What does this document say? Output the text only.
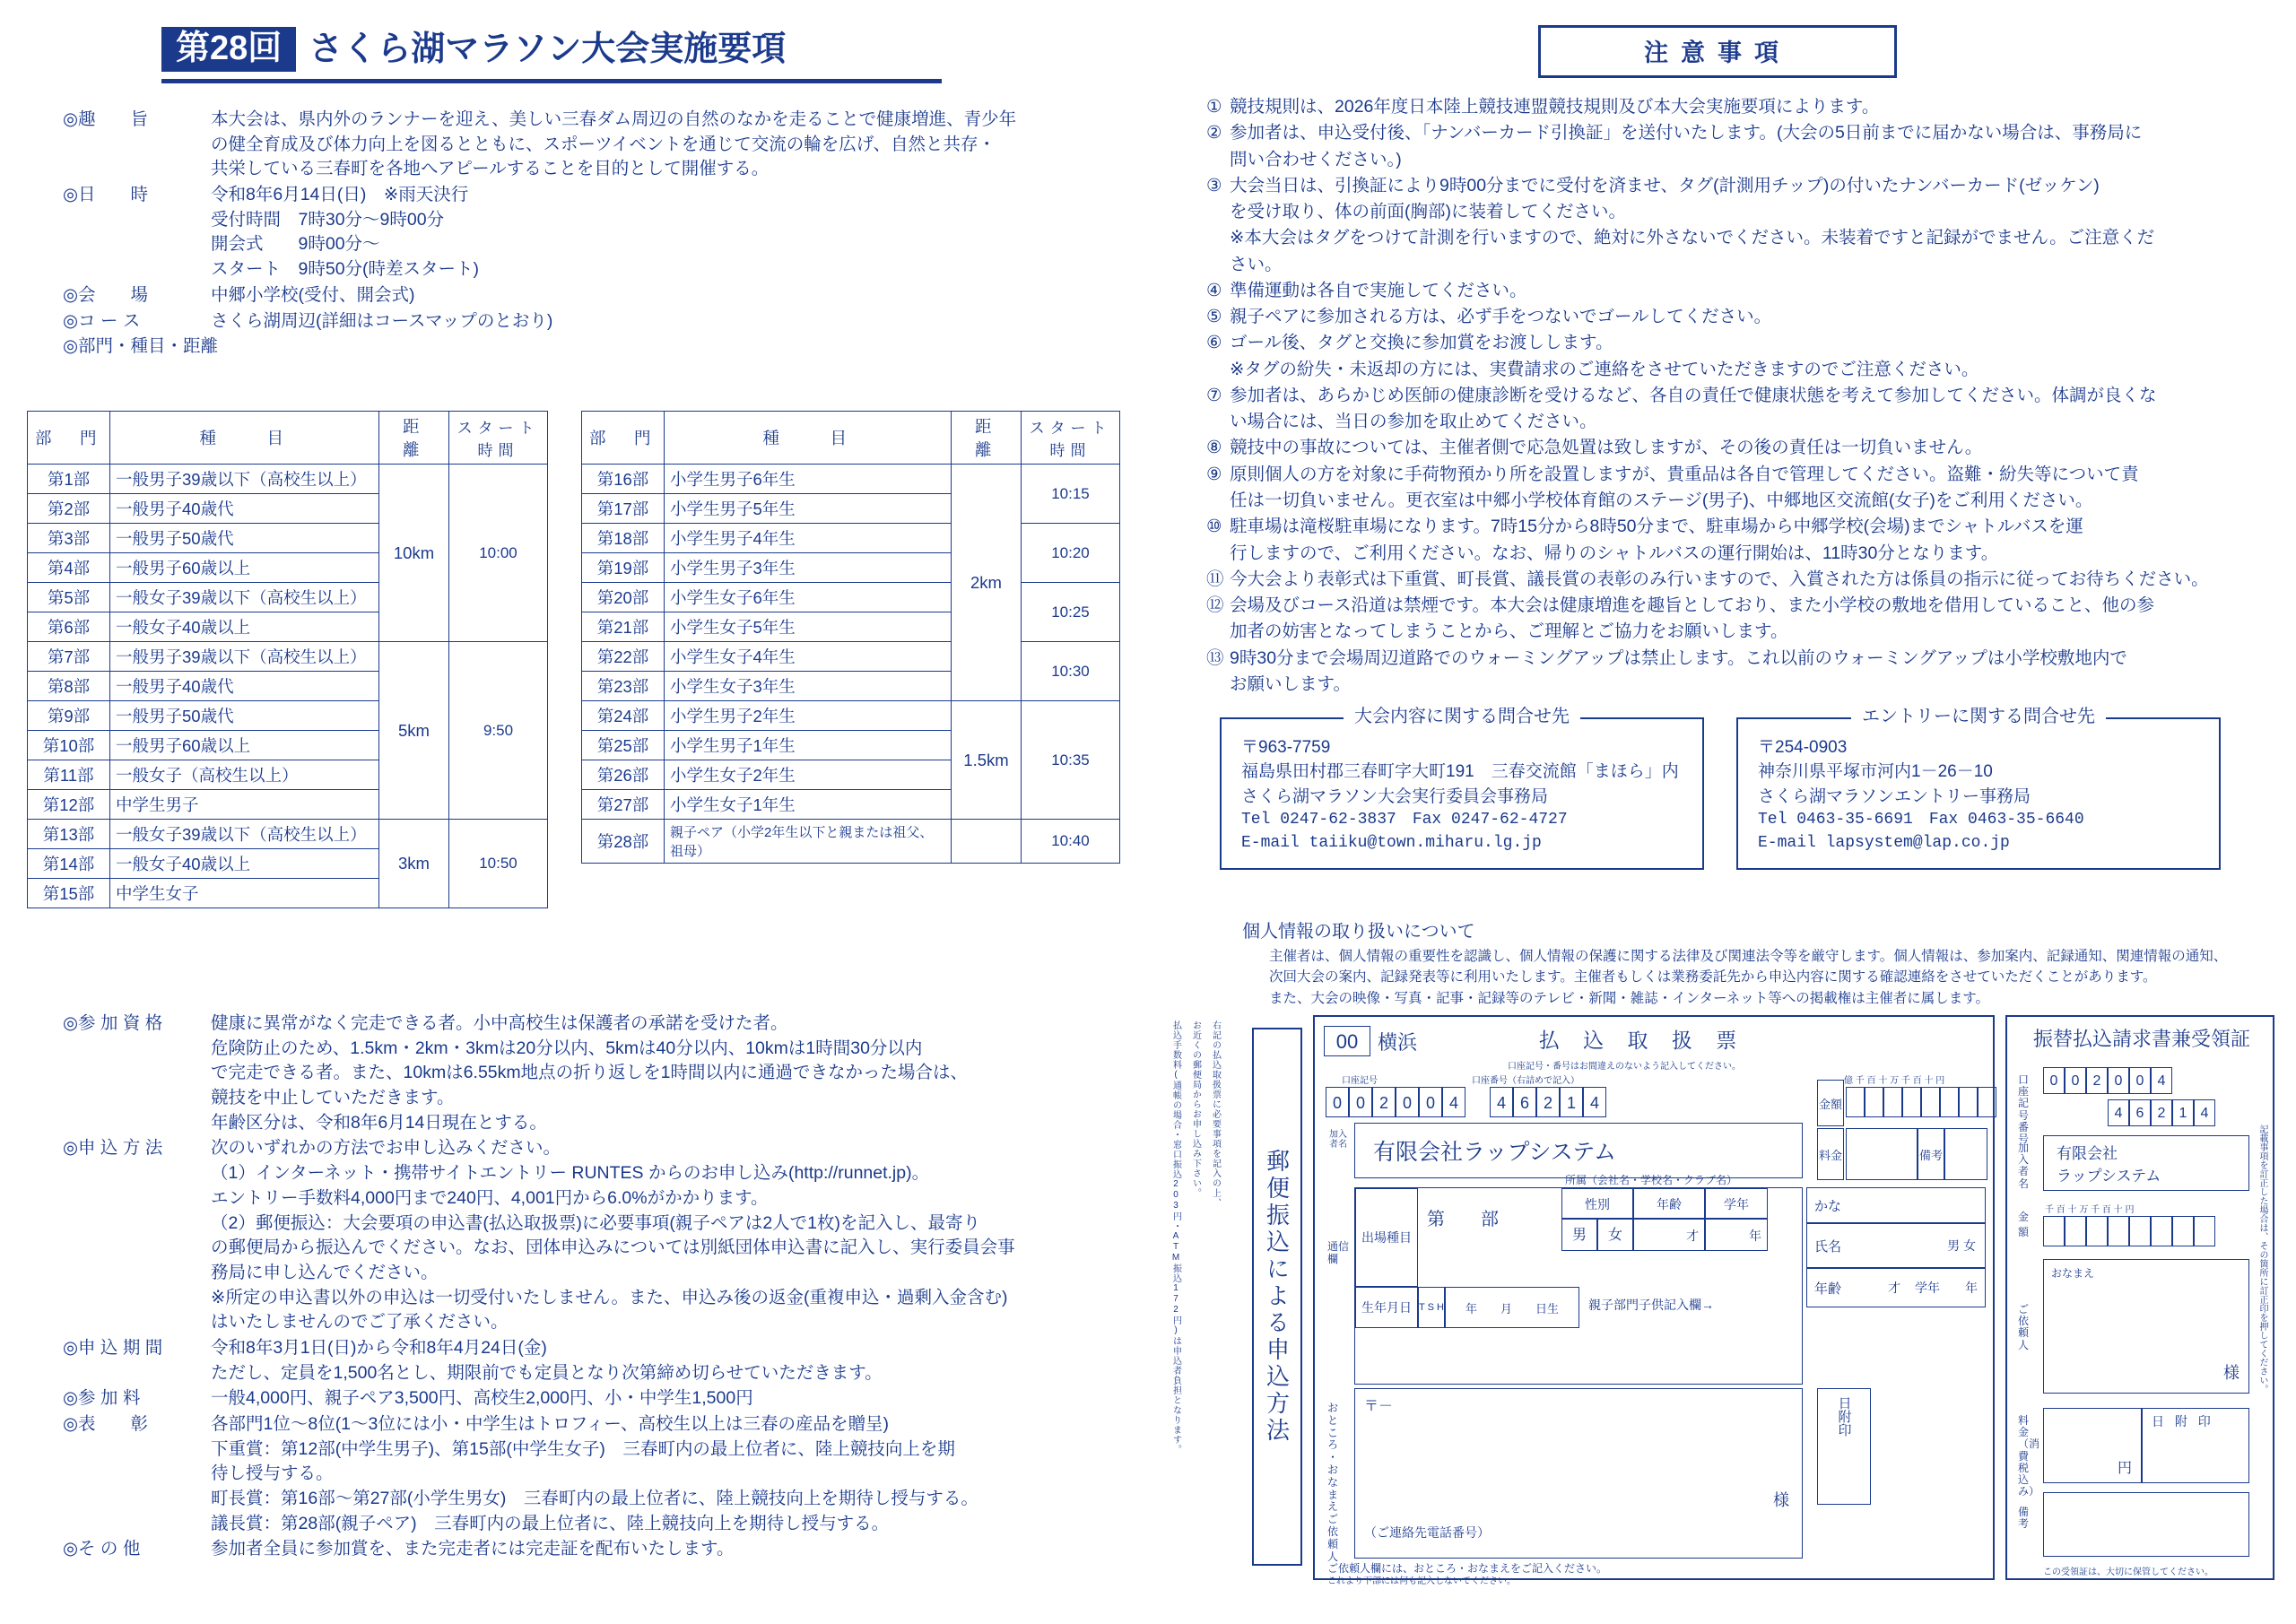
第28回 さくら湖マラソン大会実施要項	注意事項
◎趣　　旨	本大会は、県内外のランナーを迎え、美しい三春ダム周辺の自然のなかを走ることで健康増進、青少年
の健全育成及び体力向上を図るとともに、スポーツイベントを通じて交流の輪を広げ、自然と共存・
共栄している三春町を各地へアピールすることを目的として開催する。
◎日　　時	令和8年6月14日(日)　※雨天決行
受付時間　7時30分～9時00分
開会式　　9時00分～
スタート　9時50分(時差スタート)
◎会　　場	中郷小学校(受付、開会式)
◎コ ー ス	さくら湖周辺(詳細はコースマップのとおり)
◎部門・種目・距離
部　門	種　　目	距　離	スタート時間
第1部	一般男子39歳以下（高校生以上）	10km	10:00
第2部	一般男子40歳代		
第3部	一般男子50歳代		
第4部	一般男子60歳以上		
第5部	一般女子39歳以下（高校生以上）		
第6部	一般女子40歳以上		
第7部	一般男子39歳以下（高校生以上）	5km	9:50
第8部	一般男子40歳代		
第9部	一般男子50歳代		
第10部	一般男子60歳以上		
第11部	一般女子（高校生以上）		
第12部	中学生男子		
第13部	一般女子39歳以下（高校生以上）	3km	10:50
第14部	一般女子40歳以上		
第15部	中学生女子		
部　門	種　　目	距　離	スタート時間
第16部	小学生男子6年生	2km	10:15
第17部	小学生男子5年生		
第18部	小学生男子4年生		10:20
第19部	小学生男子3年生		
第20部	小学生女子6年生		10:25
第21部	小学生女子5年生		
第22部	小学生女子4年生		10:30
第23部	小学生女子3年生		
第24部	小学生男子2年生	1.5km	10:35
第25部	小学生男子1年生		
第26部	小学生女子2年生		
第27部	小学生女子1年生		
第28部	親子ペア（小学2年生以下と親または祖父、祖母）		10:40
◎参 加 資 格	健康に異常がなく完走できる者。小中高校生は保護者の承諾を受けた者。
危険防止のため、1.5km・2km・3kmは20分以内、5kmは40分以内、10kmは1時間30分以内
で完走できる者。また、10kmは6.55km地点の折り返しを1時間以内に通過できなかった場合は、
競技を中止していただきます。
年齢区分は、令和8年6月14日現在とする。
◎申 込 方 法	次のいずれかの方法でお申し込みください。
（1）インターネット・携帯サイトエントリー RUNTES からのお申し込み(http://runnet.jp)。
エントリー手数料4,000円まで240円、4,001円から6.0%がかかります。
（2）郵便振込：大会要項の申込書(払込取扱票)に必要事項(親子ペアは2人で1枚)を記入し、最寄り
の郵便局から振込んでください。なお、団体申込みについては別紙団体申込書に記入し、実行委員会事
務局に申し込んでください。
※所定の申込書以外の申込は一切受付いたしません。また、申込み後の返金(重複申込・過剰入金含む)
はいたしませんのでご了承ください。
◎申 込 期 間	令和8年3月1日(日)から令和8年4月24日(金)
ただし、定員を1,500名とし、期限前でも定員となり次第締め切らせていただきます。
◎参 加 料	一般4,000円、親子ペア3,500円、高校生2,000円、小・中学生1,500円
◎表　　彰	各部門1位～8位(1～3位には小・中学生はトロフィー、高校生以上は三春の産品を贈呈)
下重賞：第12部(中学生男子)、第15部(中学生女子)　三春町内の最上位者に、陸上競技向上を期
待し授与する。
町長賞：第16部～第27部(小学生男女)　三春町内の最上位者に、陸上競技向上を期待し授与する。
議長賞：第28部(親子ペア)　三春町内の最上位者に、陸上競技向上を期待し授与する。
◎そ の 他	参加者全員に参加賞を、また完走者には完走証を配布いたします。
① 競技規則は、2026年度日本陸上競技連盟競技規則及び本大会実施要項によります。
② 参加者は、申込受付後、「ナンバーカード引換証」を送付いたします。(大会の5日前までに届かない場合は、事務局に
問い合わせください。)
③ 大会当日は、引換証により9時00分までに受付を済ませ、タグ(計測用チップ)の付いたナンバーカード(ゼッケン)
を受け取り、体の前面(胸部)に装着してください。
※本大会はタグをつけて計測を行いますので、絶対に外さないでください。未装着ですと記録がでません。ご注意くだ
さい。
④ 準備運動は各自で実施してください。
⑤ 親子ペアに参加される方は、必ず手をつないでゴールしてください。
⑥ ゴール後、タグと交換に参加賞をお渡しします。
※タグの紛失・未返却の方には、実費請求のご連絡をさせていただきますのでご注意ください。
⑦ 参加者は、あらかじめ医師の健康診断を受けるなど、各自の責任で健康状態を考えて参加してください。体調が良くな
い場合には、当日の参加を取止めてください。
⑧ 競技中の事故については、主催者側で応急処置は致しますが、その後の責任は一切負いません。
⑨ 原則個人の方を対象に手荷物預かり所を設置しますが、貴重品は各自で管理してください。盗難・紛失等について責
任は一切負いません。更衣室は中郷小学校体育館のステージ(男子)、中郷地区交流館(女子)をご利用ください。
⑩ 駐車場は滝桜駐車場になります。7時15分から8時50分まで、駐車場から中郷学校(会場)までシャトルバスを運
行しますので、ご利用ください。なお、帰りのシャトルバスの運行開始は、11時30分となります。
⑪ 今大会より表彰式は下重賞、町長賞、議長賞の表彰のみ行いますので、入賞された方は係員の指示に従ってお待ちください。
⑫ 会場及びコース沿道は禁煙です。本大会は健康増進を趣旨としており、また小学校の敷地を借用していること、他の参
加者の妨害となってしまうことから、ご理解とご協力をお願いします。
⑬ 9時30分まで会場周辺道路でのウォーミングアップは禁止します。これ以前のウォーミングアップは小学校敷地内で
お願いします。
大会内容に関する問合せ先
〒963-7759
福島県田村郡三春町字大町191　三春交流館「まほら」内
さくら湖マラソン大会実行委員会事務局
Tel 0247-62-3837　Fax 0247-62-4727
E-mail taiiku@town.miharu.lg.jp
エントリーに関する問合せ先
〒254-0903
神奈川県平塚市河内1－26－10
さくら湖マラソンエントリー事務局
Tel 0463-35-6691　Fax 0463-35-6640
E-mail lapsystem@lap.co.jp
個人情報の取り扱いについて
主催者は、個人情報の重要性を認識し、個人情報の保護に関する法律及び関連法令等を厳守します。個人情報は、参加案内、記録通知、関連情報の通知、
次回大会の案内、記録発表等に利用いたします。主催者もしくは業務委託先から申込内容に関する確認連絡をさせていただくことがあります。
また、大会の映像・写真・記事・記録等のテレビ・新聞・雑誌・インターネット等への掲載権は主催者に属します。
払込手数料(通帳の場合・窓口振込203円・ATM振込172円)は申込者負担となります。 お近くの郵便局からお申し込み下さい。 右記の払込取扱票に必要事項を記入の上、
郵便振込による申込方法
払 込 取 扱 票
口座記号・番号はお間違えのないよう記入してください。
00 横浜
口座記号	口座番号（右詰めで記入）	億 千 百 十 万 千 百 十 円
0 0 2 0 0 4	4 6 2 1 4	金額
料金	備考
加入者名	有限会社ラップシステム
通信欄
出場種目
第　　部
性別	年齢	学年
男	女	才	年
所属（会社名・学校名・クラブ名）
生年月日 T S H	年　　月　　日生	親子部門子供記入欄→
かな
氏名	男 女
年齢	才 学年 年
お と こ ろ ・ お な ま え ご 依 頼 人
〒－
（ご連絡先電話番号）
様
日附印
ご依頼人欄には、おところ・おなまえをご記入ください。
これより下部には何も記入しないでください。
振替払込請求書兼受領証
口座記号番号
0 0 2 0 0 4
4 6 2 1 4
加入者名
有限会社
ラップシステム
金額
千 百 十 万 千 百 十 円
ご依頼人
おなまえ
様
料金（消費税込み）
円
日 附 印
備考
この受領証は、大切に保管してください。
記載事項を訂正した場合は、その箇所に訂正印を押してください。
